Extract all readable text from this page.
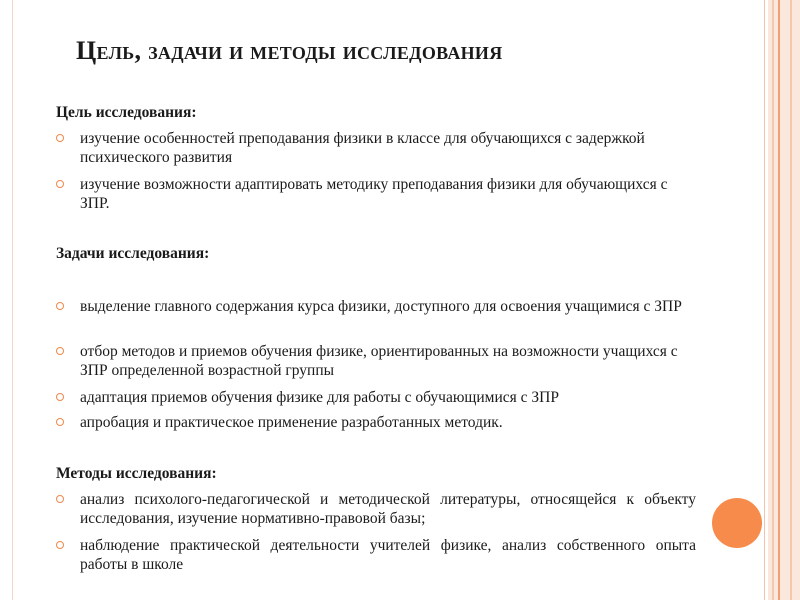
Цель, задачи и методы исследования
Цель исследования:
изучение особенностей преподавания физики в классе для обучающихся с задержкой психического развития
изучение возможности адаптировать методику преподавания физики для обучающихся с ЗПР.
Задачи исследования:
выделение главного содержания курса физики, доступного для освоения учащимися с ЗПР
отбор методов и приемов обучения физике, ориентированных на возможности учащихся с ЗПР определенной возрастной группы
адаптация приемов обучения физике для работы с обучающимися с ЗПР
апробация и практическое применение разработанных методик.
Методы исследования:
анализ психолого-педагогической и методической литературы, относящейся к объекту исследования, изучение нормативно-правовой базы;
наблюдение практической деятельности учителей физике, анализ собственного опыта работы в школе
